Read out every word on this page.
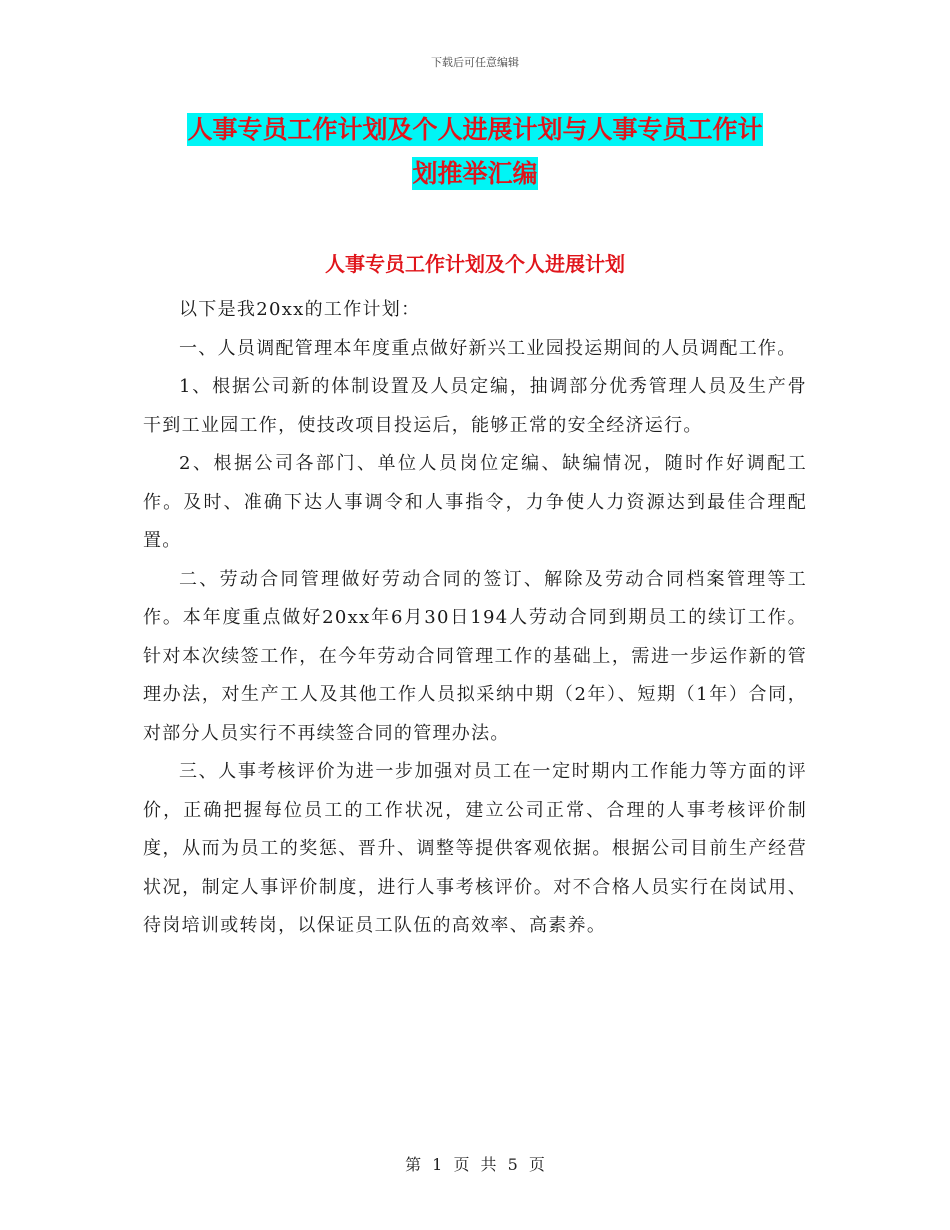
下载后可任意编辑
人事专员工作计划及个人进展计划与人事专员工作计
划推举汇编
人事专员工作计划及个人进展计划

以下是我20xx的工作计划：

一、人员调配管理本年度重点做好新兴工业园投运期间的人员调配工作。

1、根据公司新的体制设置及人员定编，抽调部分优秀管理人员及生产骨干到工业园工作，使技改项目投运后，能够正常的安全经济运行。

2、根据公司各部门、单位人员岗位定编、缺编情况，随时作好调配工作。及时、准确下达人事调令和人事指令，力争使人力资源达到最佳合理配置。

二、劳动合同管理做好劳动合同的签订、解除及劳动合同档案管理等工作。本年度重点做好20xx年6月30日194人劳动合同到期员工的续订工作。针对本次续签工作，在今年劳动合同管理工作的基础上，需进一步运作新的管理办法，对生产工人及其他工作人员拟采纳中期（2年）、短期（1年）合同，对部分人员实行不再续签合同的管理办法。

三、人事考核评价为进一步加强对员工在一定时期内工作能力等方面的评价，正确把握每位员工的工作状况，建立公司正常、合理的人事考核评价制度，从而为员工的奖惩、晋升、调整等提供客观依据。根据公司目前生产经营状况，制定人事评价制度，进行人事考核评价。对不合格人员实行在岗试用、待岗培训或转岗，以保证员工队伍的高效率、高素养。

第 1 页 共 5 页
